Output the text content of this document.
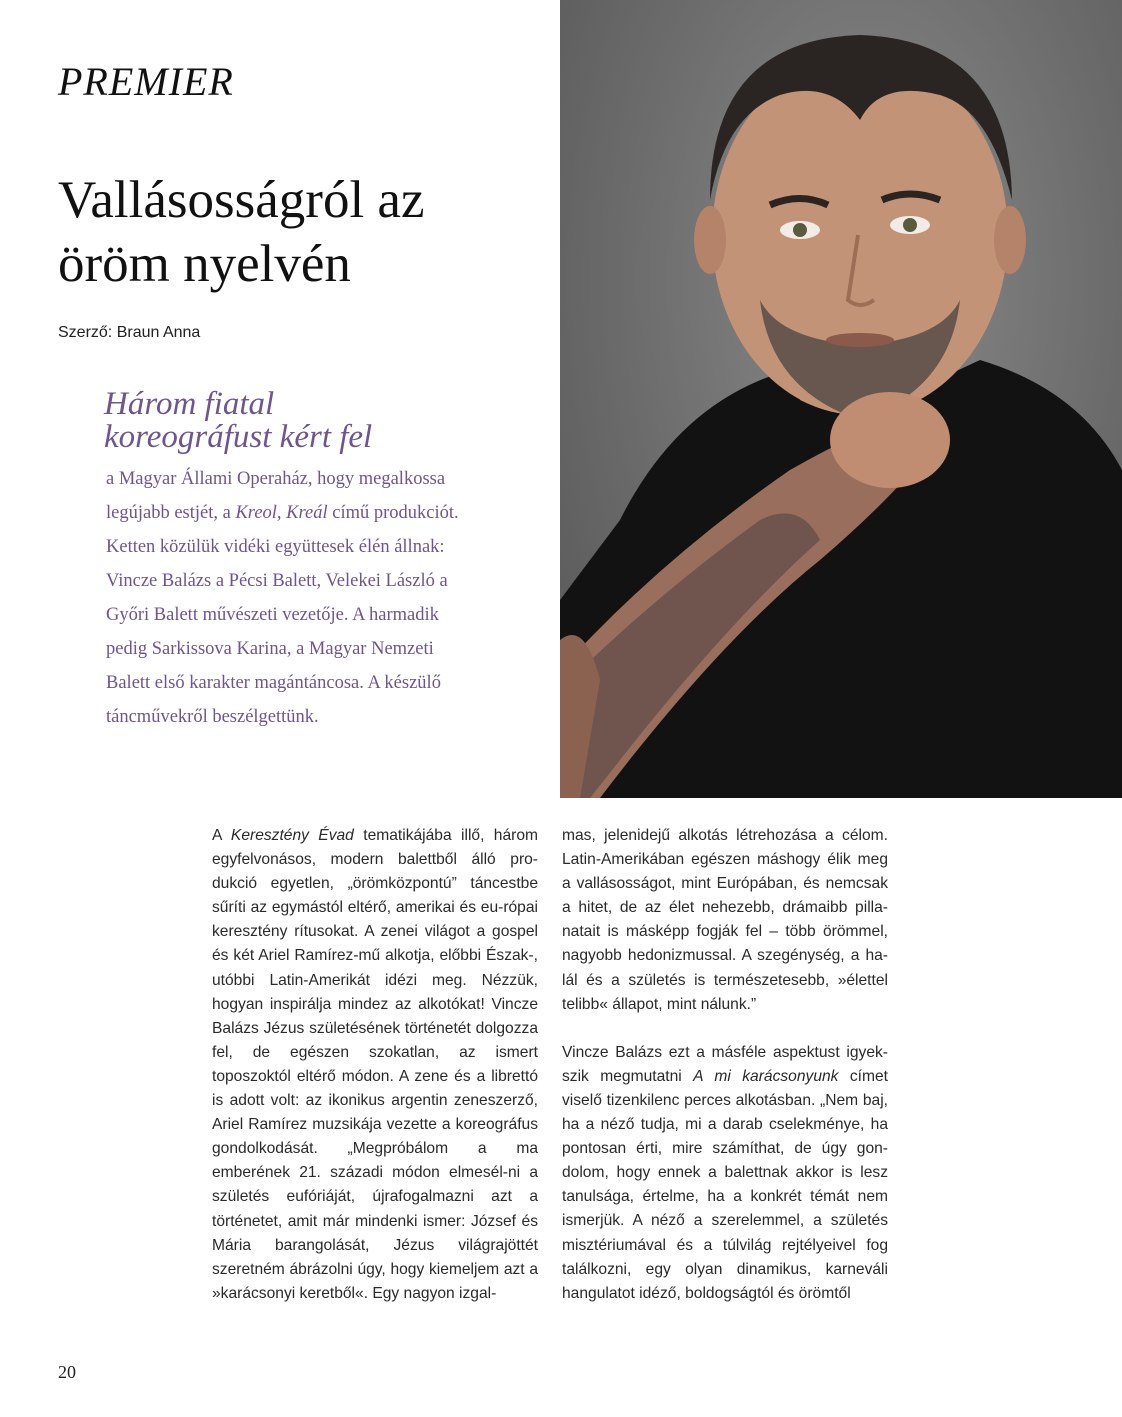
PREMIER
Vallásosságról az
öröm nyelvén
Szerző: Braun Anna
Három fiatal
koreográfust kért fel
a Magyar Állami Operaház, hogy megalkossa
legújabb estjét, a Kreol, Kreál című produkciót.
Ketten közülük vidéki együttesek élén állnak:
Vincze Balázs a Pécsi Balett, Velekei László a
Győri Balett művészeti vezetője. A harmadik
pedig Sarkissova Karina, a Magyar Nemzeti
Balett első karakter magántáncosa. A készülő
táncművekről beszélgettünk.

A Keresztény Évad tematikájába illő, három egyfelvonásos, modern balettből álló pro-dukció egyetlen, „örömközpontú” táncestbe sűríti az egymástól eltérő, amerikai és eu-rópai keresztény rítusokat. A zenei világot a gospel és két Ariel Ramírez-mű alkotja, előbbi Észak-, utóbbi Latin-Amerikát idézi meg. Nézzük, hogyan inspirálja mindez az alkotókat! Vincze Balázs Jézus születésének történetét dolgozza fel, de egészen szokatlan, az ismert toposzoktól eltérő módon. A zene és a librettó is adott volt: az ikonikus argentin zeneszerző, Ariel Ramírez muzsikája vezette a koreográfus gondolkodását. „Megpróbálom a ma emberének 21. századi módon elmesél-ni a születés eufóriáját, újrafogalmazni azt a történetet, amit már mindenki ismer: József és Mária barangolását, Jézus világrajöttét szeretném ábrázolni úgy, hogy kiemeljem azt a »karácsonyi keretből«. Egy nagyon izgal-

mas, jelenidejű alkotás létrehozása a célom. Latin-Amerikában egészen máshogy élik meg a vallásosságot, mint Európában, és nemcsak a hitet, de az élet nehezebb, drámaibb pilla-natait is másképp fogják fel – több örömmel, nagyobb hedonizmussal. A szegénység, a ha-lál és a születés is természetesebb, »élettel telibb« állapot, mint nálunk.”

Vincze Balázs ezt a másféle aspektust igyek-szik megmutatni A mi karácsonyunk címet viselő tizenkilenc perces alkotásban. „Nem baj, ha a néző tudja, mi a darab cselekménye, ha pontosan érti, mire számíthat, de úgy gon-dolom, hogy ennek a balettnak akkor is lesz tanulsága, értelme, ha a konkrét témát nem ismerjük. A néző a szerelemmel, a születés misztériumával és a túlvilág rejtélyeivel fog találkozni, egy olyan dinamikus, karneváli hangulatot idéző, boldogságtól és örömtől

20
